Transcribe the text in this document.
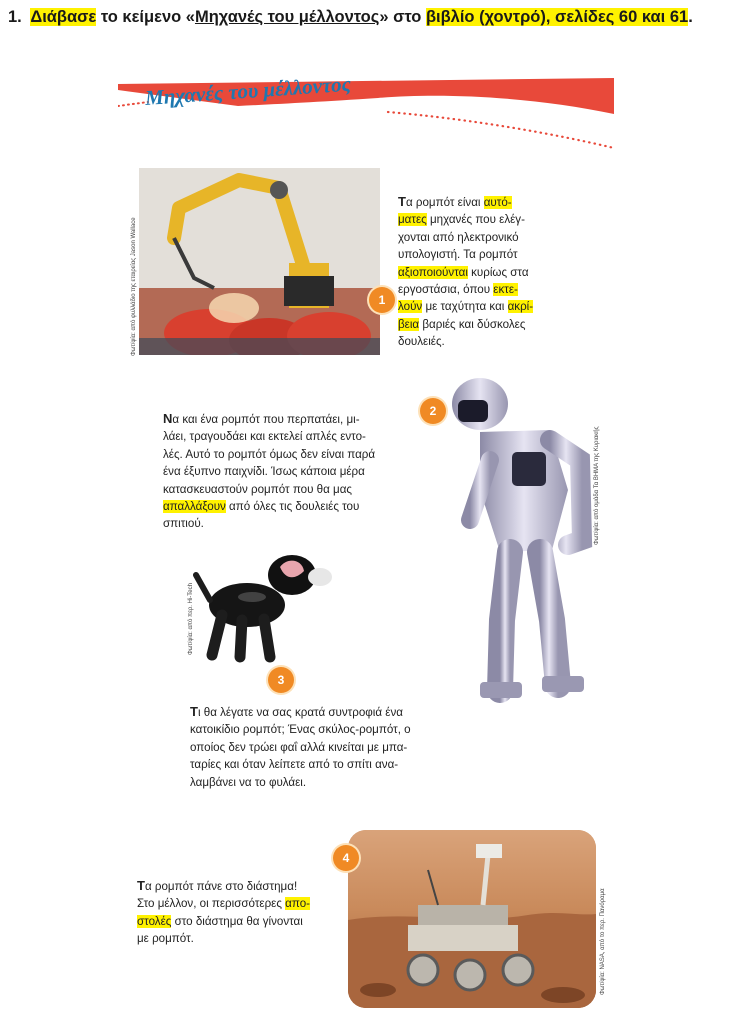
1. Διάβασε το κείμενο «Μηχανές του μέλλοντος» στο βιβλίο (χοντρό), σελίδες 60 και 61.
Μηχανές του μέλλοντος
Φωτ/φία: από φυλλάδιο της εταιρείας Jason Wallace	1
Τα ρομπότ είναι αυτό-
ματες μηχανές που ελέγ-
χονται από ηλεκτρονικό
υπολογιστή. Τα ρομπότ
αξιοποιούνται κυρίως στα
εργοστάσια, όπου εκτε-
λούν με ταχύτητα και ακρί-
βεια βαριές και δύσκολες
δουλειές.
Φωτ/φία: από ομάδα Τα ΒΗΜΑ της Κυριακής
2
Να και ένα ρομπότ που περπατάει, μι-
λάει, τραγουδάει και εκτελεί απλές εντο-
λές. Αυτό το ρομπότ όμως δεν είναι παρά
ένα έξυπνο παιχνίδι. Ίσως κάποια μέρα
κατασκευαστούν ρομπότ που θα μας
απαλλάξουν από όλες τις δουλειές του
σπιτιού.
Φωτ/φία: από περ. Hi-Tech
3
Τι θα λέγατε να σας κρατά συντροφιά ένα
κατοικίδιο ρομπότ; Ένας σκύλος-ρομπότ, ο
οποίος δεν τρώει φαΐ αλλά κινείται με μπα-
ταρίες και όταν λείπετε από το σπίτι ανα-
λαμβάνει να το φυλάει.
Φωτ/φία: NASA, από το περ. Πανόραμα
4
Τα ρομπότ πάνε στο διάστημα!
Στο μέλλον, οι περισσότερες απο-
στολές στο διάστημα θα γίνονται
με ρομπότ.
